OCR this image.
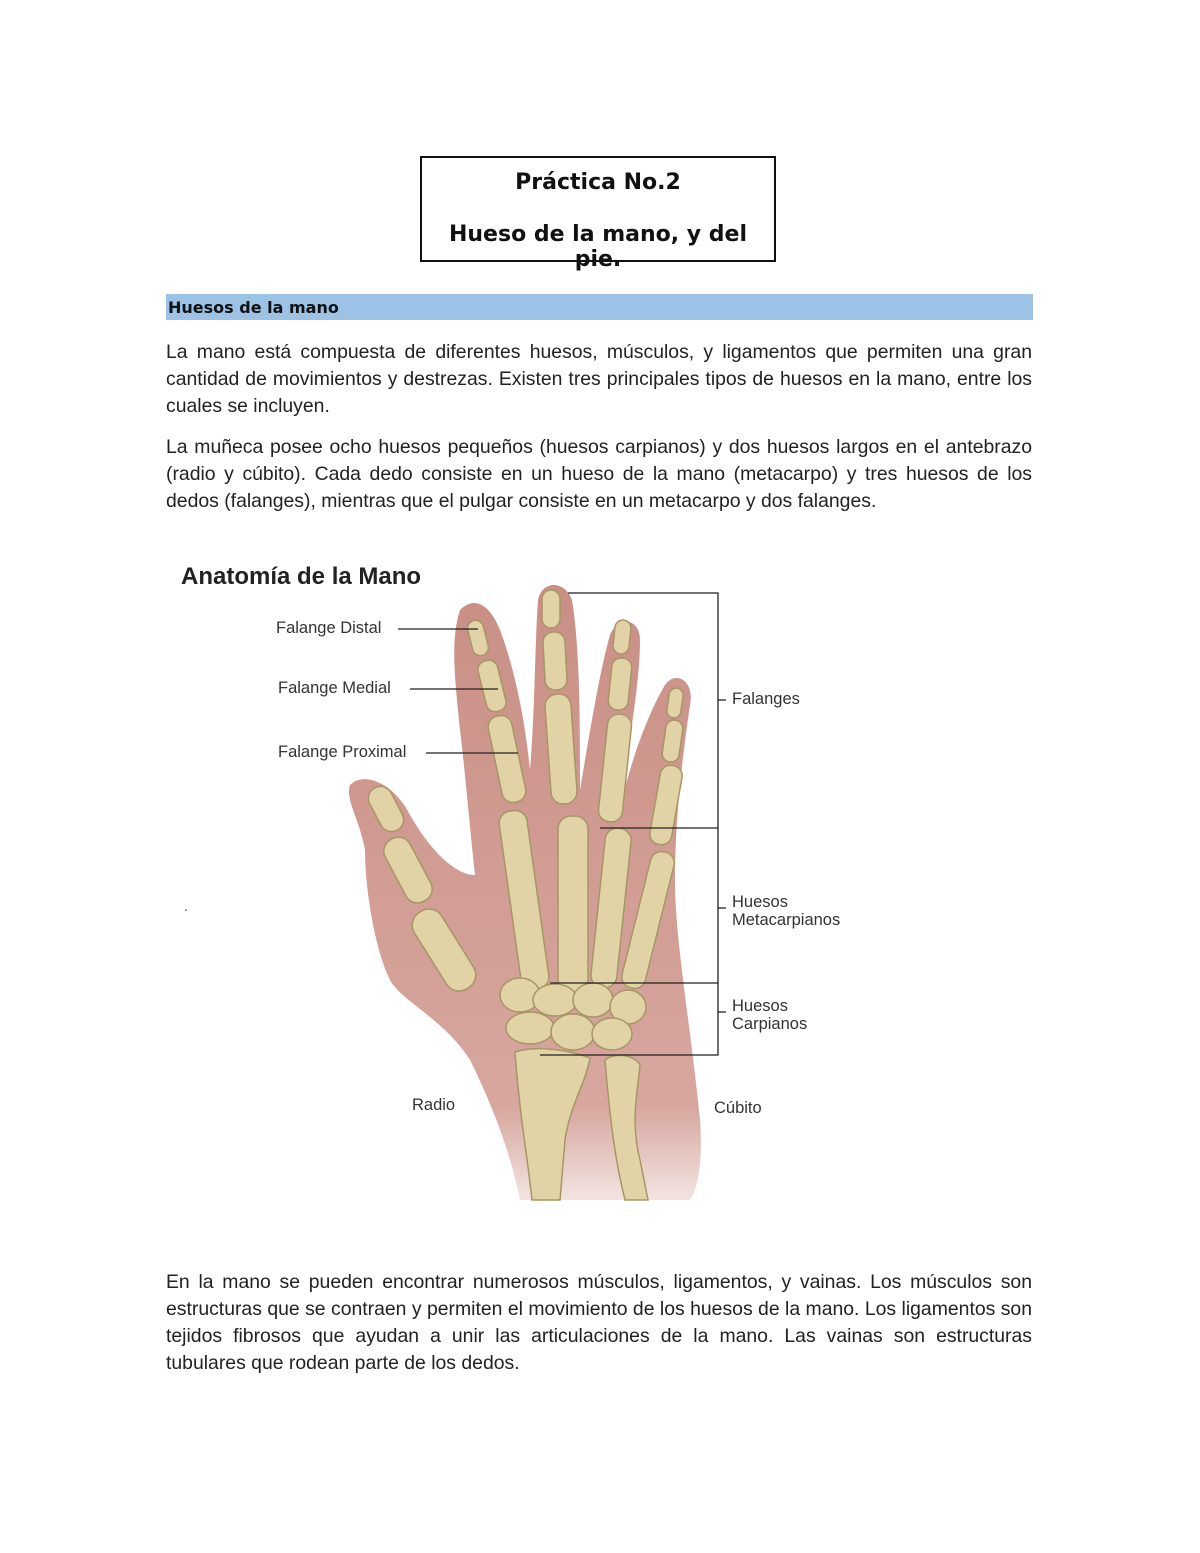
Práctica No.2
Hueso de la mano, y del pie.
Huesos de la mano

La mano está compuesta de diferentes huesos, músculos, y ligamentos que permiten una gran cantidad de movimientos y destrezas. Existen tres principales tipos de huesos en la mano, entre los cuales se incluyen.

La muñeca posee ocho huesos pequeños (huesos carpianos) y dos huesos largos en el antebrazo (radio y cúbito). Cada dedo consiste en un hueso de la mano (metacarpo) y tres huesos de los dedos (falanges), mientras que el pulgar consiste en un metacarpo y dos falanges.

.
Anatomía de la Mano
Falange Distal
Falange Medial
Falange Proximal
Falanges
Huesos
Metacarpianos
Huesos
Carpianos
Radio	Cúbito

En la mano se pueden encontrar numerosos músculos, ligamentos, y vainas. Los músculos son estructuras que se contraen y permiten el movimiento de los huesos de la mano. Los ligamentos son tejidos fibrosos que ayudan a unir las articulaciones de la mano. Las vainas son estructuras tubulares que rodean parte de los dedos.
